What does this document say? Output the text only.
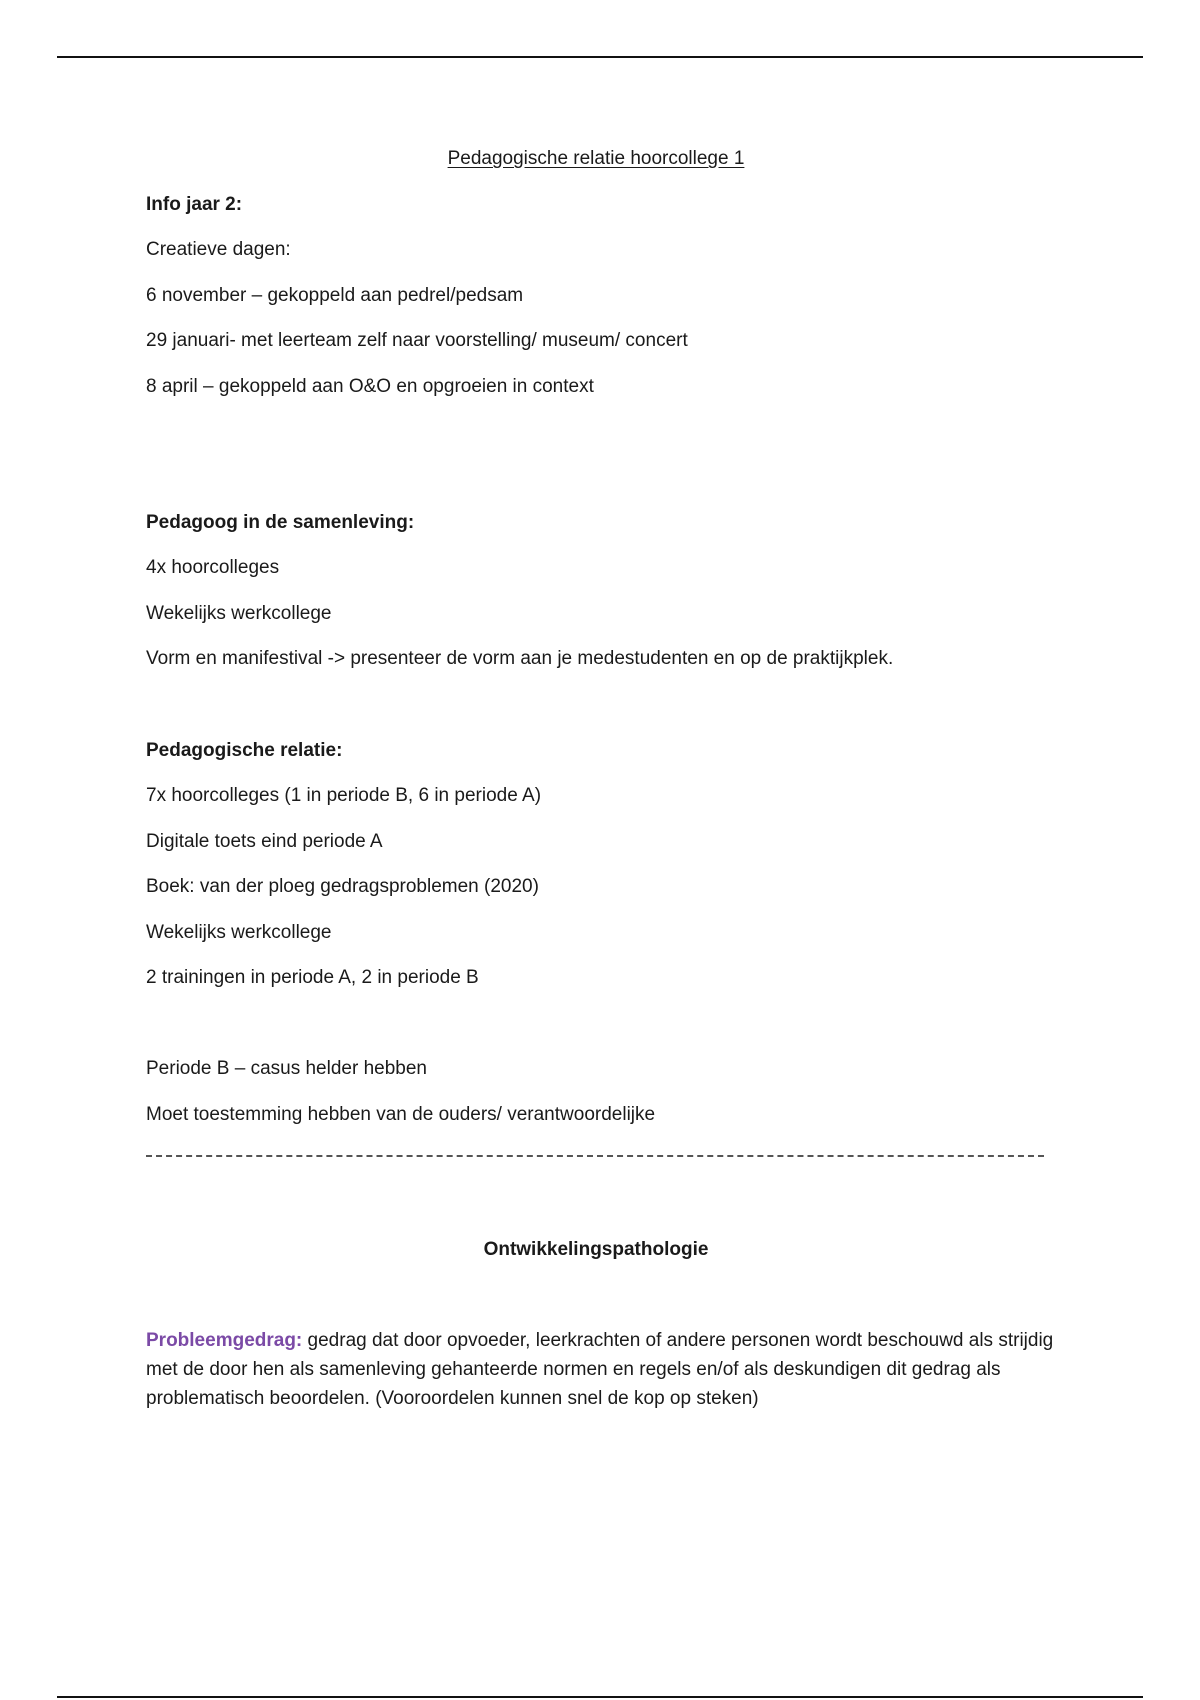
Pedagogische relatie hoorcollege 1
Info jaar 2:
Creatieve dagen:
6 november – gekoppeld aan pedrel/pedsam
29 januari- met leerteam zelf naar voorstelling/ museum/ concert
8 april – gekoppeld aan O&O en opgroeien in context
Pedagoog in de samenleving:
4x hoorcolleges
Wekelijks werkcollege
Vorm en manifestival -> presenteer de vorm aan je medestudenten en op de praktijkplek.
Pedagogische relatie:
7x hoorcolleges (1 in periode B, 6 in periode A)
Digitale toets eind periode A
Boek: van der ploeg gedragsproblemen (2020)
Wekelijks werkcollege
2 trainingen in periode A, 2 in periode B
Periode B – casus helder hebben
Moet toestemming hebben van de ouders/ verantwoordelijke
Ontwikkelingspathologie
Probleemgedrag: gedrag dat door opvoeder, leerkrachten of andere personen wordt beschouwd als strijdig met de door hen als samenleving gehanteerde normen en regels en/of als deskundigen dit gedrag als problematisch beoordelen. (Vooroordelen kunnen snel de kop op steken)
